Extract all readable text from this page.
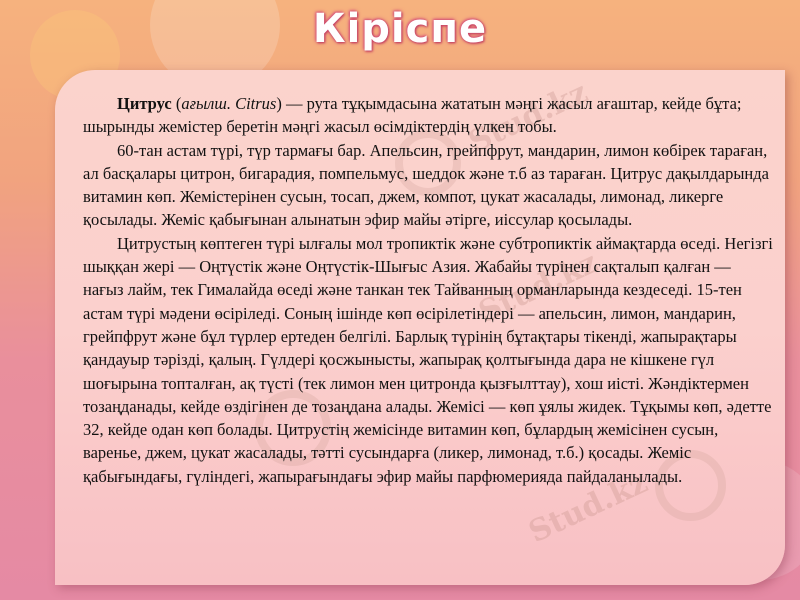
Кіріспе
Stud.kz
Stud.kz
Stud.kz

Цитрус (ағылш. Citrus) — рута тұқымдасына жататын мәңгі жасыл ағаштар, кейде бұта; шырынды жемістер беретін мәңгі жасыл өсімдіктердің үлкен тобы.

60-тан астам түрі, түр тармағы бар. Апельсин, грейпфрут, мандарин, лимон көбірек тараған, ал басқалары цитрон, бигарадия, помпельмус, шеддок және т.б аз тараған. Цитрус дақылдарында витамин көп. Жемістерінен сусын, тосап, джем, компот, цукат жасалады, лимонад, ликерге қосылады. Жеміс қабығынан алынатын эфир майы әтірге, иіссулар қосылады.

Цитрустың көптеген түрі ылғалы мол тропиктік және субтропиктік аймақтарда өседі. Негізгі шыққан жері — Оңтүстік және Оңтүстік-Шығыс Азия. Жабайы түрінен сақталып қалған — нағыз лайм, тек Гималайда өседі және танкан тек Тайванның орманларында кездеседі. 15-тен астам түрі мәдени өсіріледі. Соның ішінде көп өсірілетіндері — апельсин, лимон, мандарин, грейпфрут және бұл түрлер ертеден белгілі. Барлық түрінің бұтақтары тікенді, жапырақтары қандауыр тәрізді, қалың. Гүлдері қосжынысты, жапырақ қолтығында дара не кішкене гүл шоғырына топталған, ақ түсті (тек лимон мен цитронда қызғылттау), хош иісті. Жәндіктермен тозаңданады, кейде өздігінен де тозаңдана алады. Жемісі — көп ұялы жидек. Тұқымы көп, әдетте 32, кейде одан көп болады. Цитрустің жемісінде витамин көп, бұлардың жемісінен сусын, варенье, джем, цукат жасалады, тәтті сусындарға (ликер, лимонад, т.б.) қосады. Жеміс қабығындағы, гүліндегі, жапырағындағы эфир майы парфюмерияда пайдаланылады.
